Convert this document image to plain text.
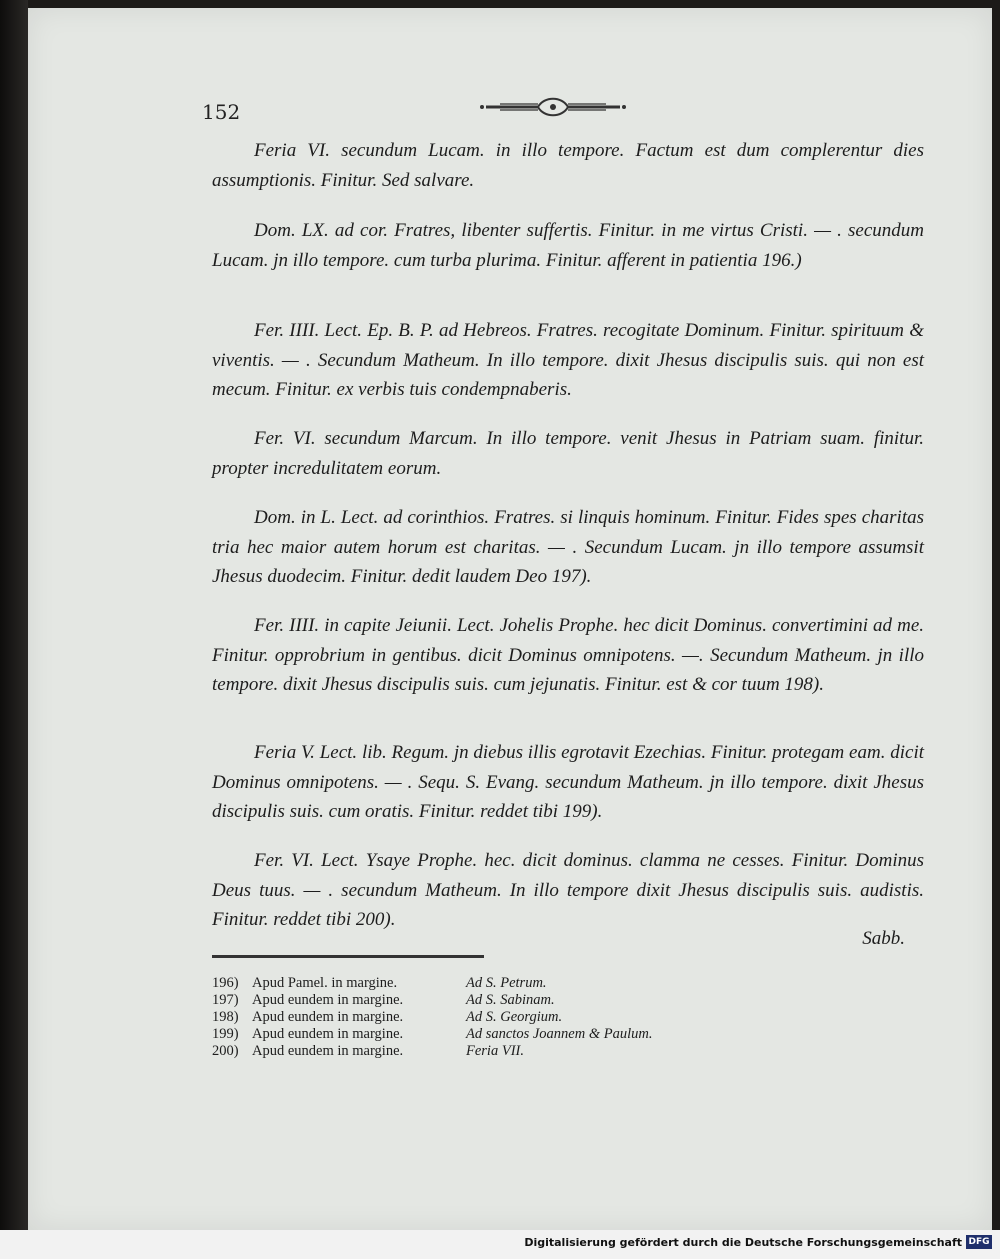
152
Feria VI. secundum Lucam. in illo tempore. Factum est dum complerentur dies assumptionis. Finitur. Sed salvare.
Dom. LX. ad cor. Fratres, libenter suffertis. Finitur. in me virtus Cristi. — . secundum Lucam. jn illo tempore. cum turba plurima. Finitur. afferent in patientia 196.)
Fer. IIII. Lect. Ep. B. P. ad Hebreos. Fratres. recogitate Dominum. Finitur. spirituum & viventis. — . Secundum Matheum. In illo tempore. dixit Jhesus discipulis suis. qui non est mecum. Finitur. ex verbis tuis condempnaberis.
Fer. VI. secundum Marcum. In illo tempore. venit Jhesus in Patriam suam. finitur. propter incredulitatem eorum.
Dom. in L. Lect. ad corinthios. Fratres. si linquis hominum. Finitur. Fides spes charitas tria hec maior autem horum est charitas. — . Secundum Lucam. jn illo tempore assumsit Jhesus duodecim. Finitur. dedit laudem Deo 197).
Fer. IIII. in capite Jeiunii. Lect. Johelis Prophe. hec dicit Dominus. convertimini ad me. Finitur. opprobrium in gentibus. dicit Dominus omnipotens. —. Secundum Matheum. jn illo tempore. dixit Jhesus discipulis suis. cum jejunatis. Finitur. est & cor tuum 198).
Feria V. Lect. lib. Regum. jn diebus illis egrotavit Ezechias. Finitur. protegam eam. dicit Dominus omnipotens. — . Sequ. S. Evang. secundum Matheum. jn illo tempore. dixit Jhesus discipulis suis. cum oratis. Finitur. reddet tibi 199).
Fer. VI. Lect. Ysaye Prophe. hec. dicit dominus. clamma ne cesses. Finitur. Dominus Deus tuus. — . secundum Matheum. In illo tempore dixit Jhesus discipulis suis. audistis. Finitur. reddet tibi 200).
Sabb.
196) Apud Pamel. in margine.	Ad S. Petrum.
197) Apud eundem in margine.	Ad S. Sabinam.
198) Apud eundem in margine.	Ad S. Georgium.
199) Apud eundem in margine.	Ad sanctos Joannem & Paulum.
200) Apud eundem in margine.	Feria VII.
Digitalisierung gefördert durch die Deutsche Forschungsgemeinschaft DFG
